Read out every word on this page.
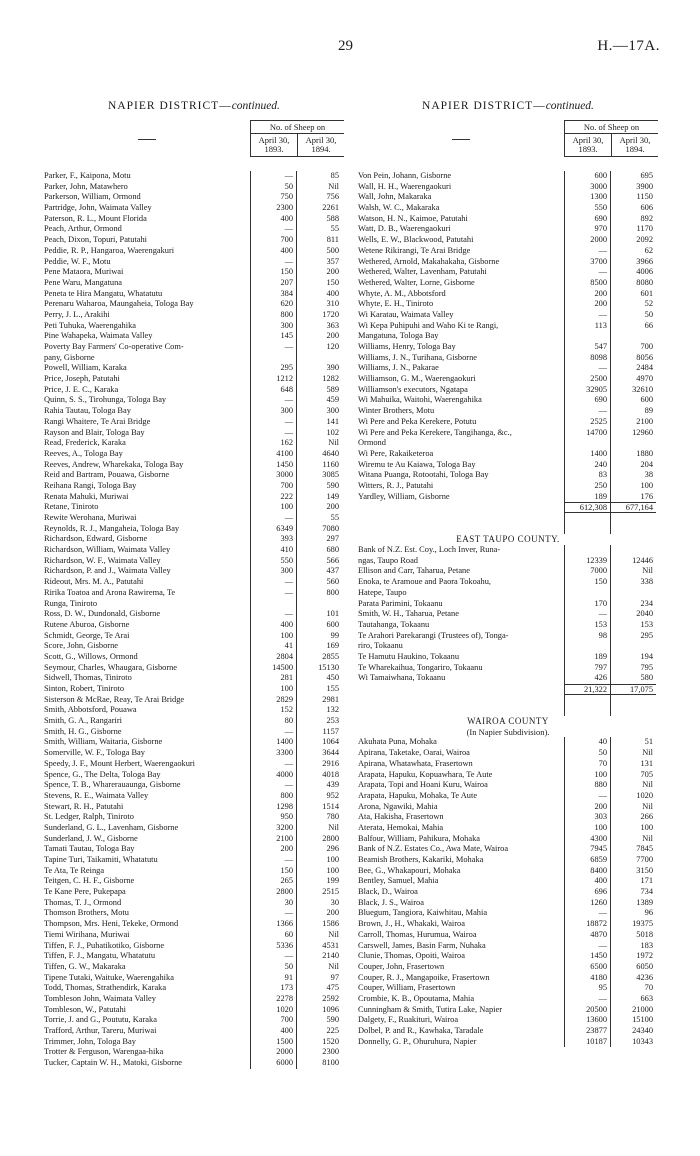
29	H.—17A.
NAPIER DISTRICT—continued.
	No. of Sheep on	
	April 30, 1893.	April 30, 1894.
Parker, F., Kaipona, Motu	—	85
Parker, John, Matawhero	50	Nil
Parkerson, William, Ormond	750	756
Partridge, John, Waimata Valley	2300	2261
Paterson, R. L., Mount Florida	400	588
Peach, Arthur, Ormond	—	55
Peach, Dixon, Topuri, Patutahi	700	811
Peddie, R. P., Hangaroa, Waerengakuri	400	500
Peddie, W. F., Motu	—	357
Pene Mataora, Muriwai	150	200
Pene Waru, Mangatuna	207	150
Peneta te Hira Mangatu, Whatatutu	384	400
Perenaru Waharoa, Maungaheia, Tologa Bay	620	310
Perry, J. L., Arakihi	800	1720
Peti Tuhuka, Waerengahika	300	363
Pine Wahapeka, Waimata Valley	145	200
Poverty Bay Farmers' Co-operative Com-	—	120
pany, Gisborne
Powell, William, Karaka	295	390
Price, Joseph, Patutahi	1212	1282
Price, J. E. C., Karaka	648	589
Quinn, S. S., Tirohunga, Tologa Bay	—	459
Rahia Tautau, Tologa Bay	300	300
Rangi Whaitere, Te Arai Bridge	—	141
Rayson and Blair, Tologa Bay	—	102
Read, Frederick, Karaka	162	Nil
Reeves, A., Tologa Bay	4100	4640
Reeves, Andrew, Wharekaka, Tologa Bay	1450	1160
Reid and Bartram, Pouawa, Gisborne	3000	3085
Reihana Rangi, Tologa Bay	700	590
Renata Mahuki, Muriwai	222	149
Retane, Tiniroto	100	200
Rewite Werohana, Muriwai	—	55
Reynolds, R. J., Mangaheia, Tologa Bay	6349	7080
Richardson, Edward, Gisborne	393	297
Richardson, William, Waimata Valley	410	680
Richardson, W. F., Waimata Valley	550	566
Richardson, P. and J., Waimata Valley	300	437
Rideout, Mrs. M. A., Patutahi	—	560
Ririka Toatoa and Arona Rawirema, Te	—	800
Runga, Tiniroto
Ross, D. W., Dundonald, Gisborne	—	101
Rutene Aburoa, Gisborne	400	600
Schmidt, George, Te Arai	100	99
Score, John, Gisborne	41	169
Scott, G., Willows, Ormond	2804	2855
Seymour, Charles, Whaugara, Gisborne	14500	15130
Sidwell, Thomas, Tiniroto	281	450
Sinton, Robert, Tiniroto	100	155
Sisterson & McRae, Reay, Te Arai Bridge	2829	2981
Smith, Abbotsford, Pouawa	152	132
Smith, G. A., Rangariri	80	253
Smith, H. G., Gisborne	—	1157
Smith, William, Waitaria, Gisborne	1400	1064
Somerville, W. F., Tologa Bay	3300	3644
Speedy, J. F., Mount Herbert, Waerengaokuri	—	2916
Spence, G., The Delta, Tologa Bay	4000	4018
Spence, T. B., Wharerauaunga, Gisborne	—	439
Stevens, R. E., Waimata Valley	800	952
Stewart, R. H., Patutahi	1298	1514
St. Ledger, Ralph, Tiniroto	950	780
Sunderland, G. L., Lavenham, Gisborne	3200	Nil
Sunderland, J. W., Gisborne	2100	2800
Tamati Tautau, Tologa Bay	200	296
Tapine Turi, Taikamiti, Whatatutu	—	100
Te Ata, Te Reinga	150	100
Teitgen, C. H. F., Gisborne	265	199
Te Kane Pere, Pukepapa	2800	2515
Thomas, T. J., Ormond	30	30
Thomson Brothers, Motu	—	200
Thompson, Mrs. Heni, Tekeke, Ormond	1366	1586
Tiemi Wirihana, Muriwai	60	Nil
Tiffen, F. J., Puhatikotiko, Gisborne	5336	4531
Tiffen, F. J., Mangatu, Whatatutu	—	2140
Tiffen, G. W., Makaraka	50	Nil
Tipene Tutaki, Waituke, Waerengahika	91	97
Todd, Thomas, Strathendirk, Karaka	173	475
Tombleson John, Waimata Valley	2278	2592
Tombleson, W., Patutahi	1020	1096
Torrie, J. and G., Poututu, Karaka	700	590
Trafford, Arthur, Tareru, Muriwai	400	225
Trimmer, John, Tologa Bay	1500	1520
Trotter & Ferguson, Warengaa-hika	2000	2300
Tucker, Captain W. H., Matoki, Gisborne	6000	8100
NAPIER DISTRICT—continued.
	No. of Sheep on	
	April 30, 1893.	April 30, 1894.
Von Pein, Johann, Gisborne	600	695
Wall, H. H., Waerengaokuri	3000	3900
Wall, John, Makaraka	1300	1150
Walsh, W. C., Makaraka	550	606
Watson, H. N., Kaimoe, Patutahi	690	892
Watt, D. B., Waerengaokuri	970	1170
Wells, E. W., Blackwood, Patutahi	2000	2092
Wetene Rikirangi, Te Arai Bridge	—	62
Wethered, Arnold, Makahakaha, Gisborne	3700	3966
Wethered, Walter, Lavenham, Patutahi	—	4006
Wethered, Walter, Lorne, Gisborne	8500	8080
Whyte, A. M., Abbotsford	200	601
Whyte, E. H., Tiniroto	200	52
Wi Karatau, Waimata Valley	—	50
Wi Kepa Puhipuhi and Waho Ki te Rangi,	113	66
Mangatuna, Tologa Bay
Williams, Henry, Tologa Bay	547	700
Williams, J. N., Turihana, Gisborne	8098	8056
Williams, J. N., Pakarae	—	2484
Williamson, G. M., Waerengaokuri	2500	4970
Williamson's executors, Ngatapa	32905	32610
Wi Mahuika, Waitohi, Waerengahika	690	600
Winter Brothers, Motu	—	89
Wi Pere and Peka Kerekere, Potutu	2525	2100
Wi Pere and Peka Kerekere, Tangihanga, &c.,	14700	12960
Ormond
Wi Pere, Rakaiketeroa	1400	1880
Wiremu te Au Kaiawa, Tologa Bay	240	204
Witana Puanga, Rotootahi, Tologa Bay	83	38
Witters, R. J., Patutahi	250	100
Yardley, William, Gisborne	189	176
612,308	677,164
EAST TAUPO COUNTY.
Bank of N.Z. Est. Coy., Loch Inver, Runa-
ngas, Taupo Road	12339	12446
Ellison and Carr, Taharua, Petane	7000	Nil
Enoka, te Aramoue and Paora Tokoahu,	150	338
Hatepe, Taupo
Parata Parimini, Tokaanu	170	234
Smith, W. H., Taharua, Petane	—	2040
Tautahanga, Tokaanu	153	153
Te Arahori Parekarangi (Trustees of), Tonga-	98	295
riro, Tokaanu
Te Hamutu Haukino, Tokaanu	189	194
Te Wharekaihua, Tongariro, Tokaanu	797	795
Wi Tamaiwhana, Tokaanu	426	580
21,322	17,075
WAIROA COUNTY
(In Napier Subdivision).
Akuhata Puna, Mohaka	40	51
Apirana, Taketake, Oarai, Wairoa	50	Nil
Apirana, Whatawhata, Frasertown	70	131
Arapata, Hapuku, Kopuawhara, Te Aute	100	705
Arapata, Topi and Hoani Kuru, Wairoa	880	Nil
Arapata, Hapuku, Mohaka, Te Aute	—	1020
Arona, Ngawiki, Mahia	200	Nil
Ata, Hakisha, Frasertown	303	266
Aterata, Hemokai, Mahia	100	100
Balfour, William, Pahikura, Mohaka	4300	Nil
Bank of N.Z. Estates Co., Awa Mate, Wairoa	7945	7845
Beamish Brothers, Kakariki, Mohaka	6859	7700
Bee, G., Whakapouri, Mohaka	8400	3150
Bentley, Samuel, Mahia	400	171
Black, D., Wairoa	696	734
Black, J. S., Wairoa	1260	1389
Bluegum, Tangiora, Kaiwhitau, Mahia	—	96
Brown, J., H., Whakaki, Wairoa	18872	19375
Carroll, Thomas, Hurumua, Wairoa	4870	5018
Carswell, James, Basin Farm, Nuhaka	—	183
Clunie, Thomas, Opoiti, Wairoa	1450	1972
Couper, John, Frasertown	6500	6050
Couper, R. J., Mangapoike, Frasertown	4180	4236
Couper, William, Frasertown	95	70
Crombie, K. B., Opoutama, Mahia	—	663
Cunningham & Smith, Tutira Lake, Napier	20500	21000
Dalgety, F., Ruakituri, Wairoa	13600	15100
Dolbel, P. and R., Kawhaka, Taradale	23877	24340
Donnelly, G. P., Ohuruhura, Napier	10187	10343
